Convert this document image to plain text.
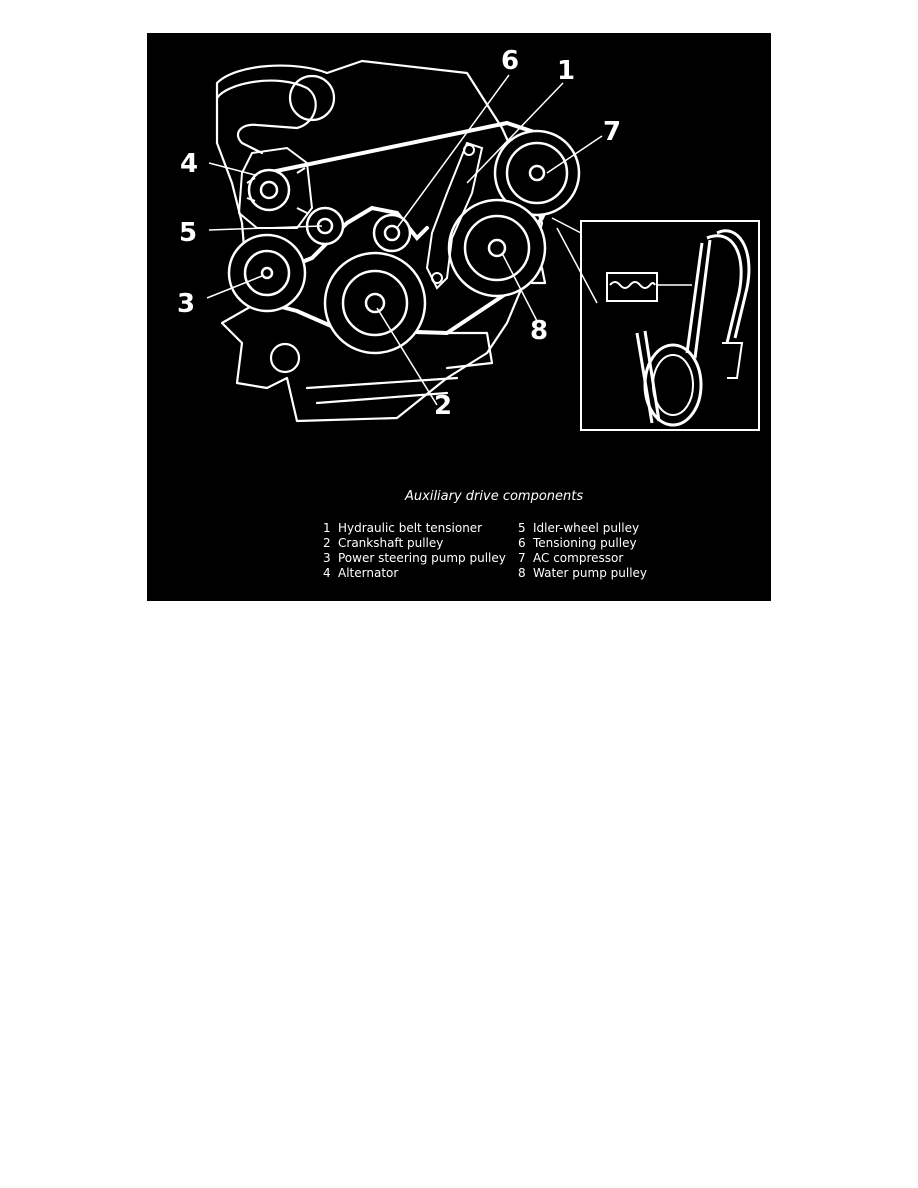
6 1
7
4
5
3
8
2
Auxiliary drive components
1 Hydraulic belt tensioner
2 Crankshaft pulley
3 Power steering pump pulley
4 Alternator
5 Idler-wheel pulley
6 Tensioning pulley
7 AC compressor
8 Water pump pulley
